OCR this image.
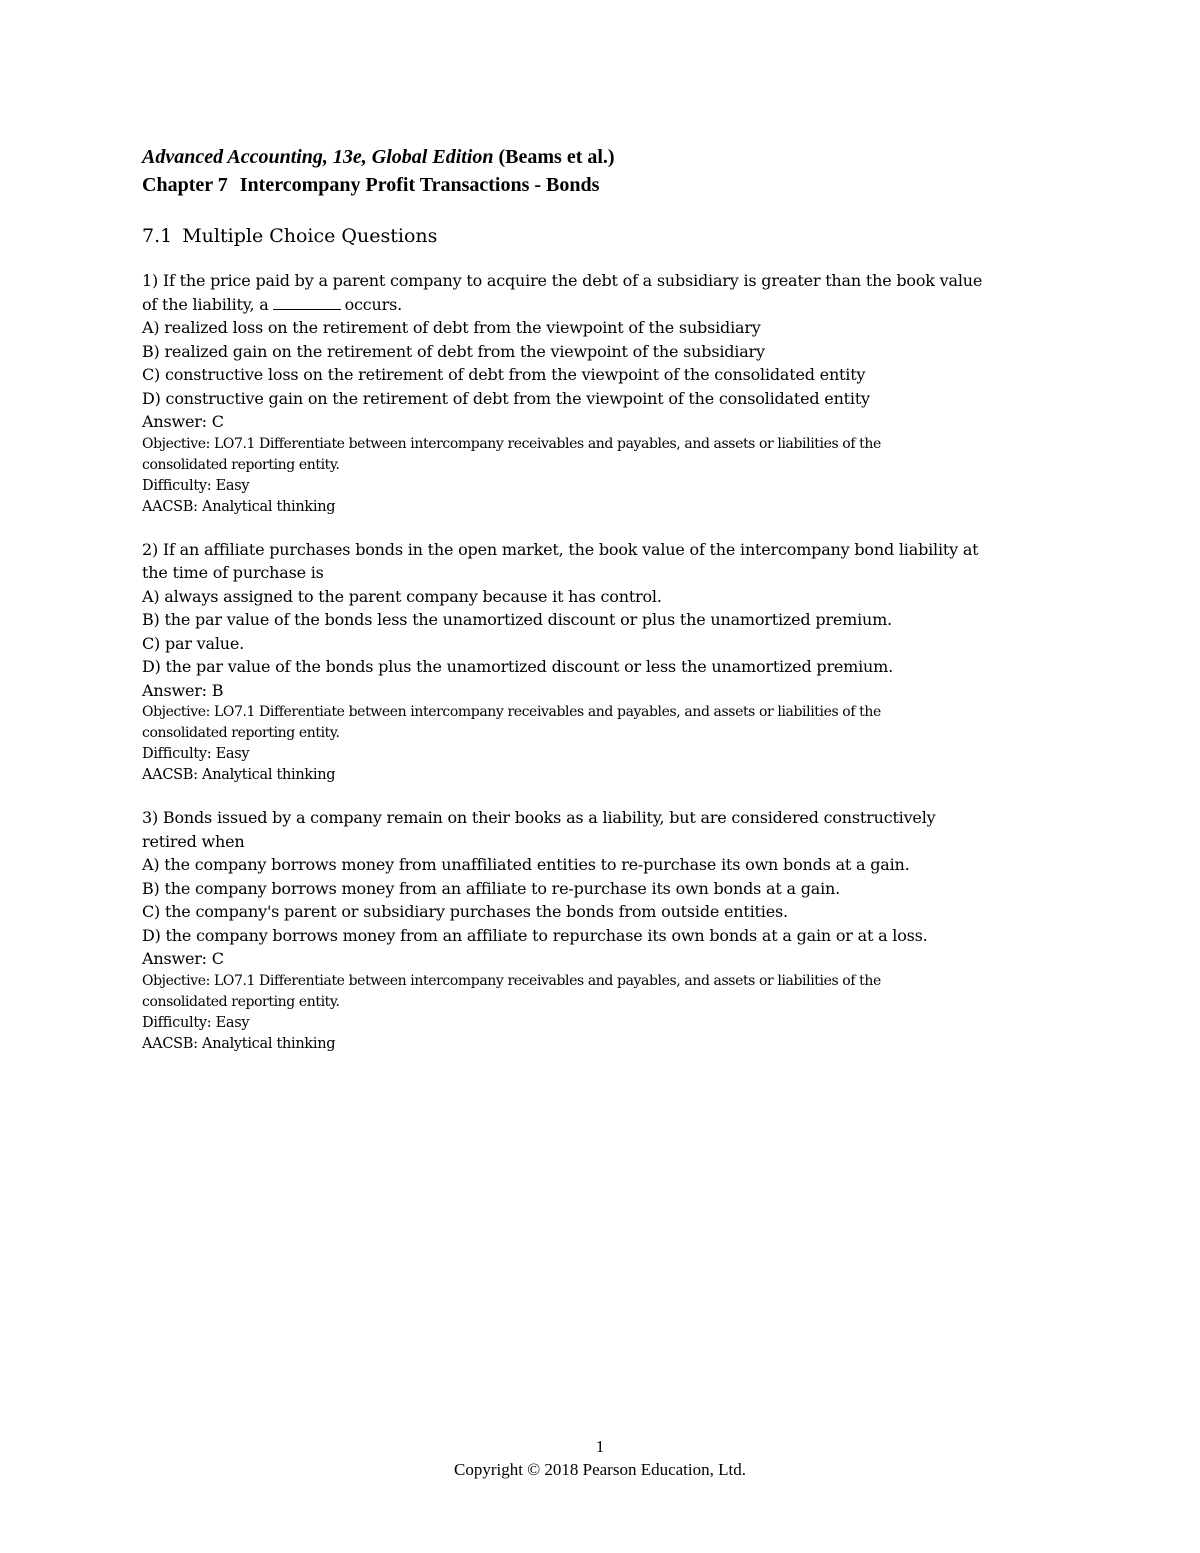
Advanced Accounting, 13e, Global Edition (Beams et al.)
Chapter 7 Intercompany Profit Transactions - Bonds
7.1 Multiple Choice Questions
1) If the price paid by a parent company to acquire the debt of a subsidiary is greater than the book value
of the liability, a	occurs.
A) realized loss on the retirement of debt from the viewpoint of the subsidiary
B) realized gain on the retirement of debt from the viewpoint of the subsidiary
C) constructive loss on the retirement of debt from the viewpoint of the consolidated entity
D) constructive gain on the retirement of debt from the viewpoint of the consolidated entity
Answer: C
Objective: LO7.1 Differentiate between intercompany receivables and payables, and assets or liabilities of the
consolidated reporting entity.
Difficulty: Easy
AACSB: Analytical thinking
2) If an affiliate purchases bonds in the open market, the book value of the intercompany bond liability at
the time of purchase is
A) always assigned to the parent company because it has control.
B) the par value of the bonds less the unamortized discount or plus the unamortized premium.
C) par value.
D) the par value of the bonds plus the unamortized discount or less the unamortized premium.
Answer: B
Objective: LO7.1 Differentiate between intercompany receivables and payables, and assets or liabilities of the
consolidated reporting entity.
Difficulty: Easy
AACSB: Analytical thinking
3) Bonds issued by a company remain on their books as a liability, but are considered constructively
retired when
A) the company borrows money from unaffiliated entities to re-purchase its own bonds at a gain.
B) the company borrows money from an affiliate to re-purchase its own bonds at a gain.
C) the company's parent or subsidiary purchases the bonds from outside entities.
D) the company borrows money from an affiliate to repurchase its own bonds at a gain or at a loss.
Answer: C
Objective: LO7.1 Differentiate between intercompany receivables and payables, and assets or liabilities of the
consolidated reporting entity.
Difficulty: Easy
AACSB: Analytical thinking
1
Copyright © 2018 Pearson Education, Ltd.
